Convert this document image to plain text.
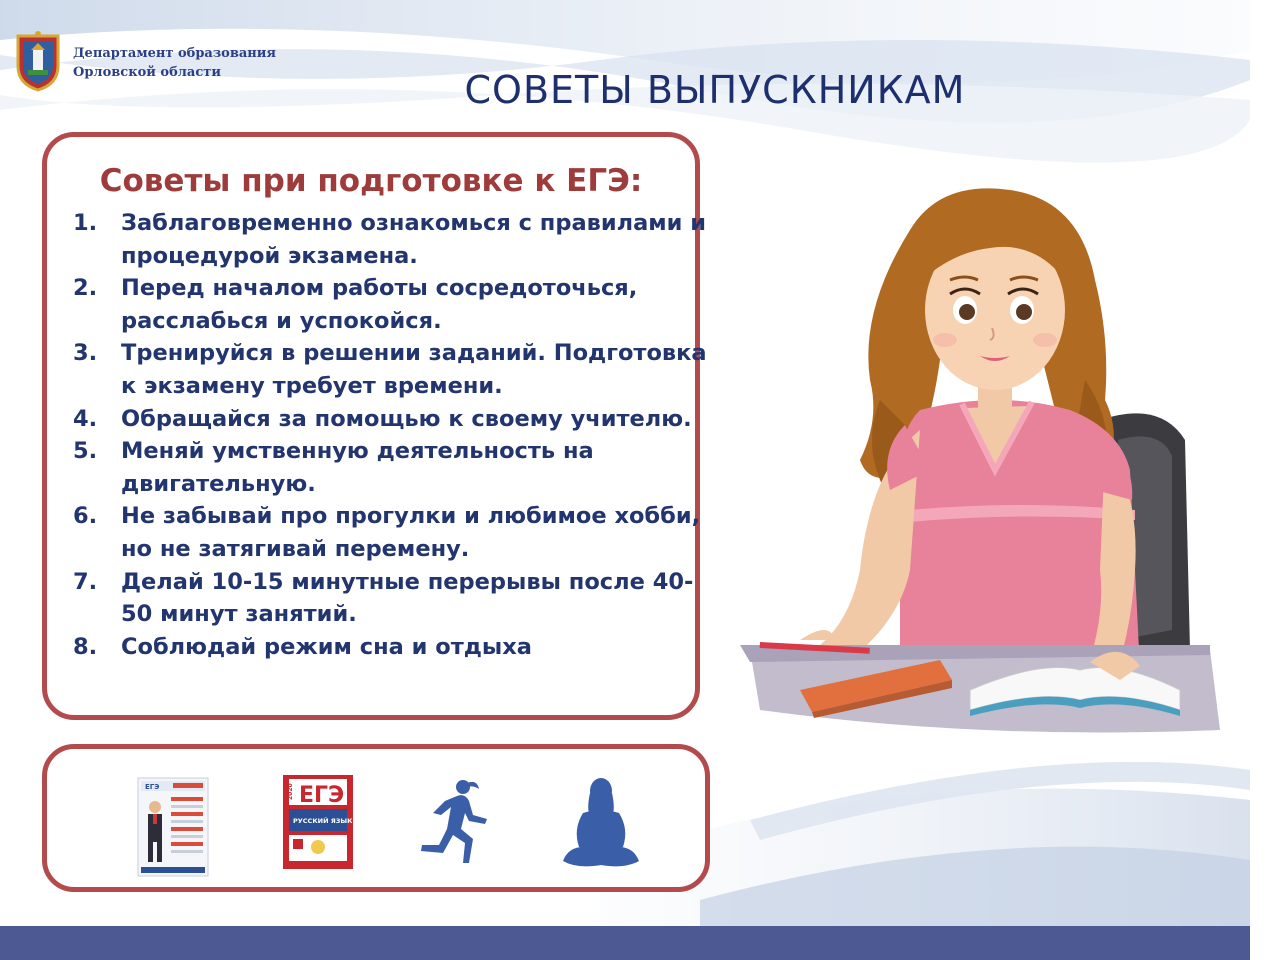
Департамент образования
Орловской области	СОВЕТЫ ВЫПУСКНИКАМ
Советы при подготовке к ЕГЭ:
1.	Заблаговременно ознакомься с правилами и процедурой экзамена.
2.	Перед началом работы сосредоточься, расслабься и успокойся.
3.	Тренируйся в решении заданий. Подготовка к экзамену требует времени.
4.	Обращайся за помощью к своему учителю.
5.	Меняй умственную деятельность на двигательную.
6.	Не забывай про прогулки и любимое хобби, но не затягивай перемену.
7.	Делай 10-15 минутные перерывы после 40-50 минут занятий.
8.	Соблюдай режим сна и отдыха
ЕГЭ	ЕГЭ
2020
РУССКИЙ ЯЗЫК
